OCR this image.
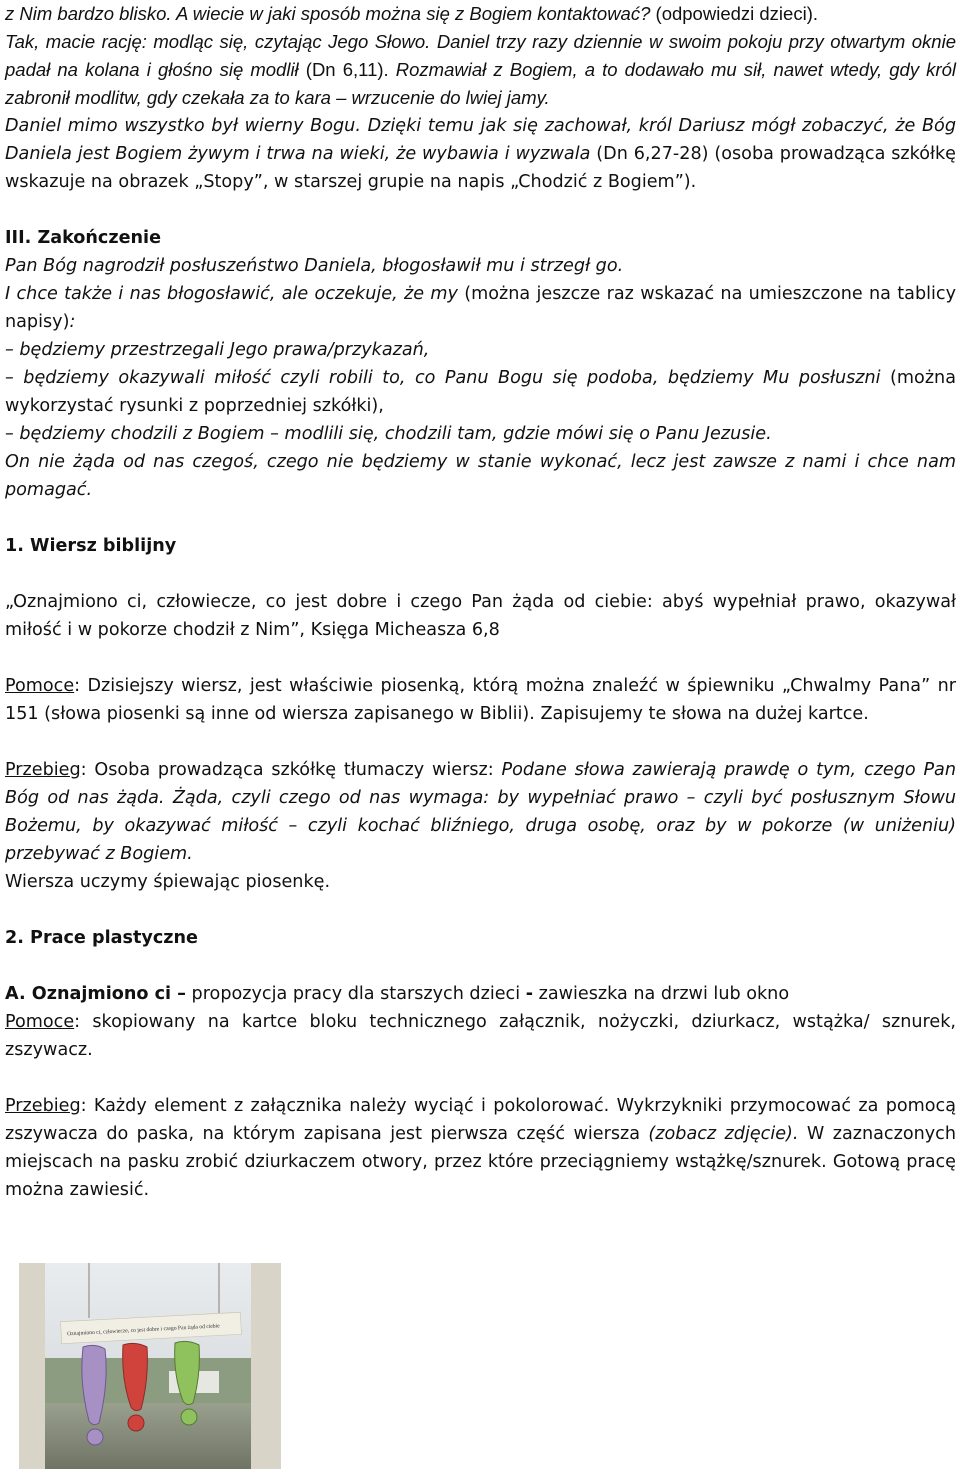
z Nim bardzo blisko. A wiecie w jaki sposób można się z Bogiem kontaktować? (odpowiedzi dzieci).

Tak, macie rację: modląc się, czytając Jego Słowo. Daniel trzy razy dziennie w swoim pokoju przy otwartym oknie padał na kolana i głośno się modlił (Dn 6,11). Rozmawiał z Bogiem, a to dodawało mu sił, nawet wtedy, gdy król zabronił modlitw, gdy czekała za to kara – wrzucenie do lwiej jamy.

Daniel mimo wszystko był wierny Bogu. Dzięki temu jak się zachował, król Dariusz mógł zobaczyć, że Bóg Daniela jest Bogiem żywym i trwa na wieki, że wybawia i wyzwala (Dn 6,27-28) (osoba prowadząca szkółkę wskazuje na obrazek „Stopy”, w starszej grupie na napis „Chodzić z Bogiem”).

III. Zakończenie

Pan Bóg nagrodził posłuszeństwo Daniela, błogosławił mu i strzegł go.

I chce także i nas błogosławić, ale oczekuje, że my (można jeszcze raz wskazać na umieszczone na tablicy napisy):

– będziemy przestrzegali Jego prawa/przykazań,

– będziemy okazywali miłość czyli robili to, co Panu Bogu się podoba, będziemy Mu posłuszni (można wykorzystać rysunki z poprzedniej szkółki),

– będziemy chodzili z Bogiem – modlili się, chodzili tam, gdzie mówi się o Panu Jezusie.

On nie żąda od nas czegoś, czego nie będziemy w stanie wykonać, lecz jest zawsze z nami i chce nam pomagać.

1. Wiersz biblijny

„Oznajmiono ci, człowiecze, co jest dobre i czego Pan żąda od ciebie: abyś wypełniał prawo, okazywał miłość i w pokorze chodził z Nim”, Księga Micheasza 6,8

Pomoce: Dzisiejszy wiersz, jest właściwie piosenką, którą można znaleźć w śpiewniku „Chwalmy Pana” nr 151 (słowa piosenki są inne od wiersza zapisanego w Biblii). Zapisujemy te słowa na dużej kartce.

Przebieg: Osoba prowadząca szkółkę tłumaczy wiersz: Podane słowa zawierają prawdę o tym, czego Pan Bóg od nas żąda. Żąda, czyli czego od nas wymaga: by wypełniać prawo – czyli być posłusznym Słowu Bożemu, by okazywać miłość – czyli kochać bliźniego, druga osobę, oraz by w pokorze (w uniżeniu) przebywać z Bogiem.

Wiersza uczymy śpiewając piosenkę.

2. Prace plastyczne

A. Oznajmiono ci – propozycja pracy dla starszych dzieci - zawieszka na drzwi lub okno

Pomoce: skopiowany na kartce bloku technicznego załącznik, nożyczki, dziurkacz, wstążka/ sznurek, zszywacz.

Przebieg: Każdy element z załącznika należy wyciąć i pokolorować. Wykrzykniki przymocować za pomocą zszywacza do paska, na którym zapisana jest pierwsza część wiersza (zobacz zdjęcie). W zaznaczonych miejscach na pasku zrobić dziurkaczem otwory, przez które przeciągniemy wstążkę/sznurek. Gotową pracę można zawiesić.

Oznajmiono ci, człowiecze, co jest dobre i czego Pan żąda od ciebie
